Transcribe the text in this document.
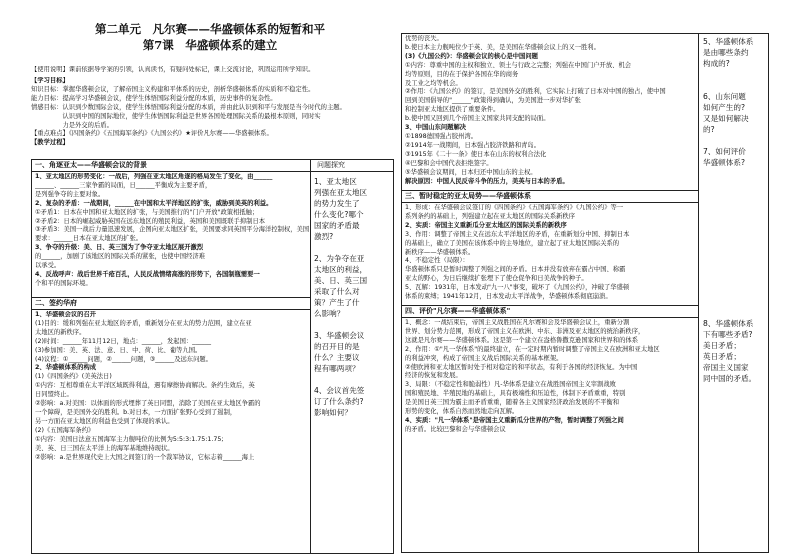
第二单元　凡尔赛——华盛顿体系的短暂和平
第7课　华盛顿体系的建立
【使用说明】课前依据导学案的引领，认真读书，有疑问处标记，课上交流讨论，巩固运用所学知识。

【学习目标】

知识目标：掌握华盛顿会议，了解帝国主义构建和平体系的历史，剖析华盛顿体系的实质和不稳定性。

能力目标：提高学习华盛顿会议，使学生体悟国际利益分配的本质，历史事件的复杂性。

情感目标：认识到少数国际会议，使学生体悟国际利益分配的本质，并由此认识到和平与发展是当今时代的主题。

　　　　　认识到中国的国际地位，使学生体悟国际利益是世界各国处理国际关系的最根本原则，同时实

　　　　　力是外交的后盾。

【重点难点】《四国条约》《五国海军条约》《九国公约》★评价凡尔赛——华盛顿体系。

【教学过程】

一、角逐亚太——华盛顿会议的背景

1、亚太地区的形势变化：一战后，列强在亚太地区角逐的格局发生了变化，由______

______、______三家争霸的局面，日______平衡成为主要矛盾，

是列强争夺的主要对象。

2、复杂的矛盾：一战期间，______在中国和太平洋地区的扩张，威胁到美英的利益。

①矛盾1：日本在中国和亚太地区的扩张，与美国推行的"门户开放"政策相抵触；

②矛盾2：日本的崛起威胁英国在远东地区的殖民利益，英国和美国既联手抑制日本

③矛盾3：美国一战后力量迅速发展，企图向亚太地区扩张，美国要求同英国平分海洋控制权，美国

要求：______日本在亚太地区的扩张。

3、争夺的升级：美、日、英三国为了争夺亚太地区展开激烈

的______，加剧了该地区的国际关系的紧张，也使中国经济难

以承受。

4、反战呼声：战后世界千疮百孔，人民反战情绪高涨的形势下，各国制瓶需要一

个和平的国际环境。

二、签约华府

1、华盛顿会议的召开

(1)目的：缓和列强在亚太地区的矛盾，重新划分在亚太的势力范围，建立在亚

太地区的新秩序。

(2)时间：______年11月12日，地点：______，发起国：______

(3)参加国：美、英、法、意、日、中、荷、比、葡等九国。

(4)议程：①______问题，②______问题，③______及远东问题。

2、华盛顿体系的构成

(1)《四国条约》(美英法日)

①内容：互相尊重在太平洋区域既得利益，遇有摩擦协商解决。条约生效后，英

日同盟终止。

②影响：a.对美国：以体面的形式埋葬了英日同盟，消除了美国在亚太地区争霸的

一个障碍，是美国外交的胜利。b.对日本，一方面扩张野心受到了遏制，

另一方面在亚太地区的利益也受到了体现的承认。

(2)《五国海军条约》

①内容：美国日法意五国海军主力舰吨位的比例为5:5:3:1.75:1.75;

美、英、日三国在太平洋上的海军基地维持现状。

②影响：a.是世界现代史上大国之间签订的一个裁军协议，它标志着______海上

问题探究

1、亚太地区

列强在亚太地区

的势力发生了

什么变化?哪个

国家的矛盾最

激烈?

2、为争夺在亚

太地区的利益，

美、日、英三国

采取了什么对

策？产生了什

么影响？

3、华盛顿会议

的召开目的是

什么？主要议

程有哪两项？

4、会议首先签

订了什么条约?

影响如何？

优势的丧失。

b.使日本主力舰吨位少于英、美，是美国在华盛顿会议上的又一胜利。

(3)《九国公约》：华盛顿会议的核心是中国问题

①内容：尊重中国的主权和独立、领土与行政之完整；列强在中国门户开放、机会

均等原则，目的在于保护各国在华的商务

及工业之均等机会。

②作用：《九国公约》的签订，是美国外交的胜利，它实际上打破了日本对中国的独占，使中国

回到美国倡导的"______"政策得到确认，为美国进一步对华扩张

和控制亚太地区提供了重要条件。

b.使中国又回到几个帝国主义国家共同支配的局面。

3、中国山东问题解决

①1898德国强占胶州湾。

②1914年一战期间，日本强占胶济铁路和青岛。

③1915年《二十一条》使日本在山东的权利合法化

④巴黎和会中国代表拒绝签字。

⑤华盛顿会议期间，日本归还中国山东的主权。

解决原因：中国人民反帝斗争的压力，美英与日本的矛盾。

三、暂时稳定的亚太局势——华盛顿体系

1、形成：在华盛顿会议签订的《四国条约》《五国海军条约》《九国公约》等一

系列条约的基础上，列强建立起在亚太地区的国际关系新秩序

2、实质：帝国主义重新瓜分亚太地区的国际关系的新秩序

3、作用：调整了帝国主义在远东太平洋地区的矛盾，在重新划分中国、抑制日本

的基础上，确立了美国在该体系中的主导地位，建立起了亚太地区国际关系的

新秩序——华盛顿体系。

4、不稳定性（局限）：

华盛顿体系只是暂时调整了列强之间的矛盾。日本并没有放弃在霸占中国、称霸

亚太的野心，为日后继续扩张埋下了使仓促争和日美战争的种子。

5、瓦解：1931年，日本发动"九一八"事变，破坏了《九国公约》，冲破了华盛顿

体系的束缚；1941年12月，日本发动太平洋战争，华盛顿体系彻底崩溃。

四、评价"凡尔赛——华盛顿体系"

1、概念：一战结束后，帝国主义战胜国在凡尔赛和会及华盛顿会议上，重新分割

世界、划分势力范围，形成了帝国主义在欧洲、中东、非洲及亚太地区的统治新秩序，

这就是凡尔赛——华盛顿体系。这是第一个建立在盎格鲁撒克逊国家和世界和的体系

2、作用：①"凡一华体系"的最终建立，在一定时期内暂时调整了帝国主义在欧洲和亚太地区

的利益冲突，构成了帝国主义战后国际关系的基本框架。

②使欧洲和亚太地区暂时处于相对稳定的和平状态，有利于各国的经济恢复。为中国

经济的恢复和发展。

3、局限：（不稳定性和脆弱性）凡-华体系是建立在战胜国帝国主义宰割战败

国和殖民地、半殖民地的基础上，具有极端性和压迫性，体制下矛盾重重，特别

是美国日英三国为霸主而矛盾重重，随着各主义国家经济政治发展的不平衡和

形势的变化，体系自然而然地走向瓦解。

4、实质："凡一华体系"是帝国主义重新瓜分世界的产物，暂时调整了列强之间

的矛盾。比较巴黎和会与华盛顿会议

5、华盛顿体系

是由哪些条约

构成的?

6、山东问题

如何产生的?

又是如何解决

的?

7、如何评价

华盛顿体系?

8、华盛顿体系

下有哪些矛盾?

美日矛盾；

英日矛盾；

帝国主义国家

同中国的矛盾。
